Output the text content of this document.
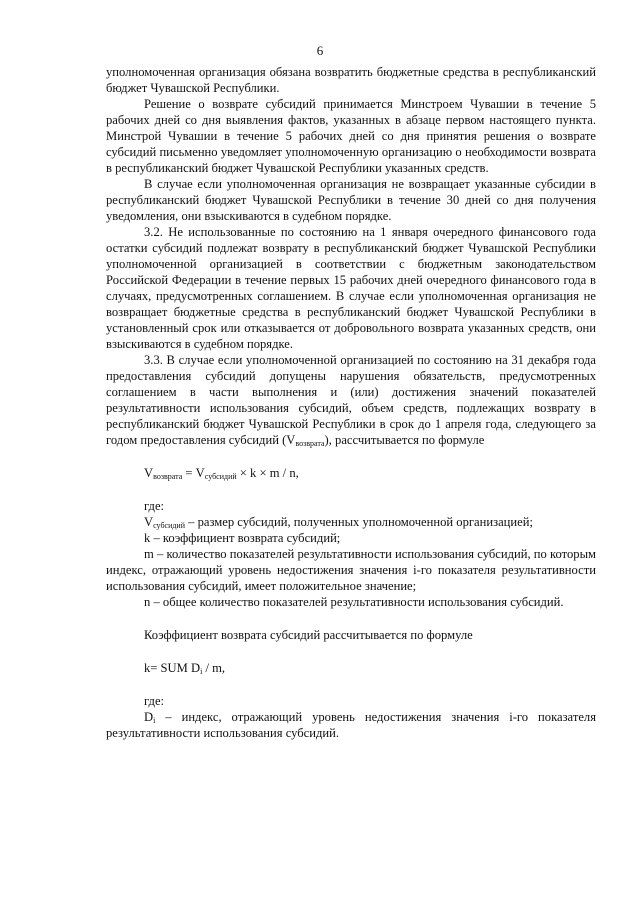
6

уполномоченная организация обязана возвратить бюджетные средства в республиканский бюджет Чувашской Республики.

Решение о возврате субсидий принимается Минстроем Чувашии в течение 5 рабочих дней со дня выявления фактов, указанных в абзаце первом настоящего пункта. Минстрой Чувашии в течение 5 рабочих дней со дня принятия решения о возврате субсидий письменно уведомляет уполномоченную организацию о необходимости возврата в республиканский бюджет Чувашской Республики указанных средств.

В случае если уполномоченная организация не возвращает указанные субсидии в республиканский бюджет Чувашской Республики в течение 30 дней со дня получения уведомления, они взыскиваются в судебном порядке.

3.2. Не использованные по состоянию на 1 января очередного финансового года остатки субсидий подлежат возврату в республиканский бюджет Чувашской Республики уполномоченной организацией в соответствии с бюджетным законодательством Российской Федерации в течение первых 15 рабочих дней очередного финансового года в случаях, предусмотренных соглашением. В случае если уполномоченная организация не возвращает бюджетные средства в республиканский бюджет Чувашской Республики в установленный срок или отказывается от добровольного возврата указанных средств, они взыскиваются в судебном порядке.

3.3. В случае если уполномоченной организацией по состоянию на 31 декабря года предоставления субсидий допущены нарушения обязательств, предусмотренных соглашением в части выполнения и (или) достижения значений показателей результативности использования субсидий, объем средств, подлежащих возврату в республиканский бюджет Чувашской Республики в срок до 1 апреля года, следующего за годом предоставления субсидий $(V_{возврата})$, рассчитывается по формуле

$V_{возврата} = V_{субсидий} \times k \times m / n$,

где:

$V_{субсидий}$ – размер субсидий, полученных уполномоченной организацией;

k – коэффициент возврата субсидий;

m – количество показателей результативности использования субсидий, по которым индекс, отражающий уровень недостижения значения i-го показателя результативности использования субсидий, имеет положительное значение;

n – общее количество показателей результативности использования субсидий.

Коэффициент возврата субсидий рассчитывается по формуле

k= SUM $D_i$ / m,

где:

$D_i$ – индекс, отражающий уровень недостижения значения i-го показателя результативности использования субсидий.
